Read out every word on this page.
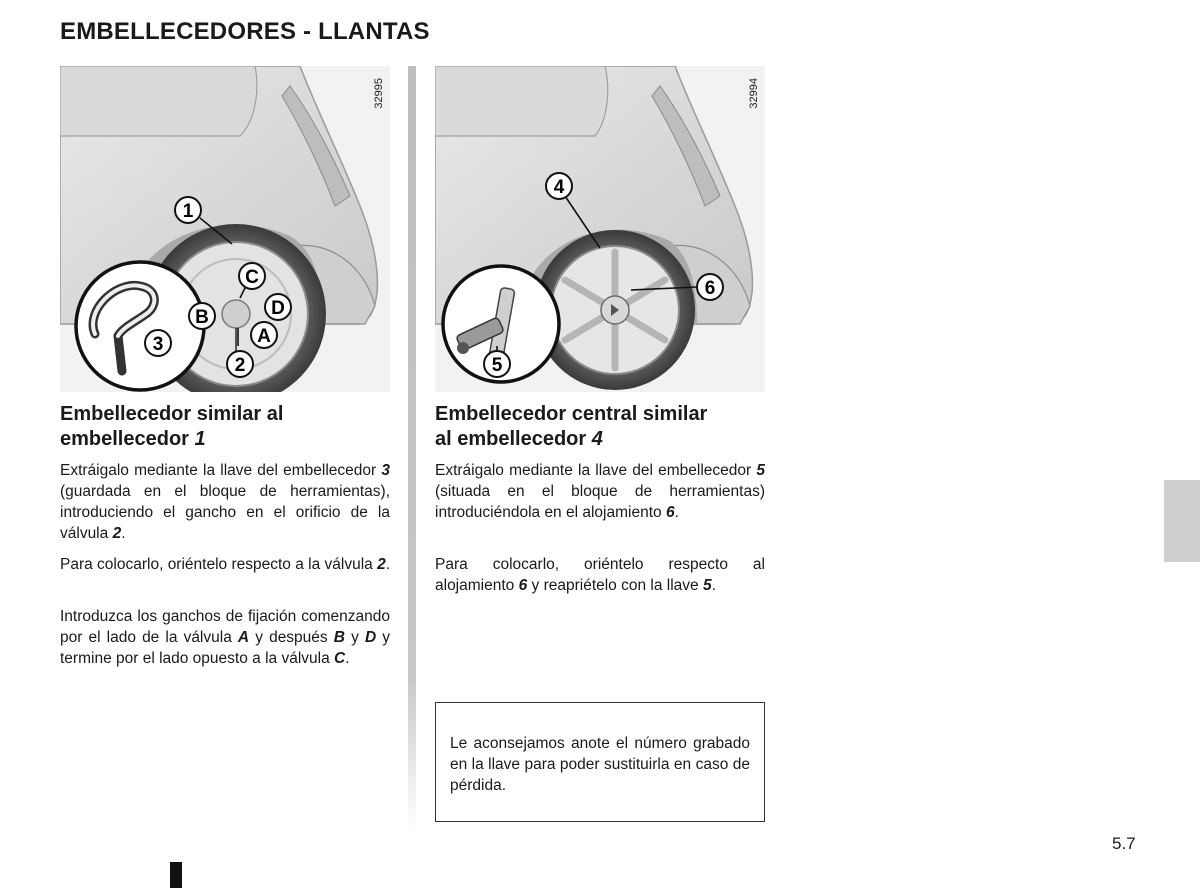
EMBELLECEDORES - LLANTAS
1
C
D
B
A
3
2
32995
4
6
5
32994
Embellecedor similar al
embellecedor 1

Extráigalo mediante la llave del embellecedor 3 (guardada en el bloque de herramientas), introduciendo el gancho en el orificio de la válvula 2.

Para colocarlo, oriéntelo respecto a la válvula 2.

Introduzca los ganchos de fijación comenzando por el lado de la válvula A y después B y D y termine por el lado opuesto a la válvula C.

Embellecedor central similar
al embellecedor 4

Extráigalo mediante la llave del embellecedor 5 (situada en el bloque de herramientas) introduciéndola en el alojamiento 6.

Para colocarlo, oriéntelo respecto al alojamiento 6 y reapriételo con la llave 5.

Le aconsejamos anote el número grabado en la llave para poder sustituirla en caso de pérdida.
5.7
